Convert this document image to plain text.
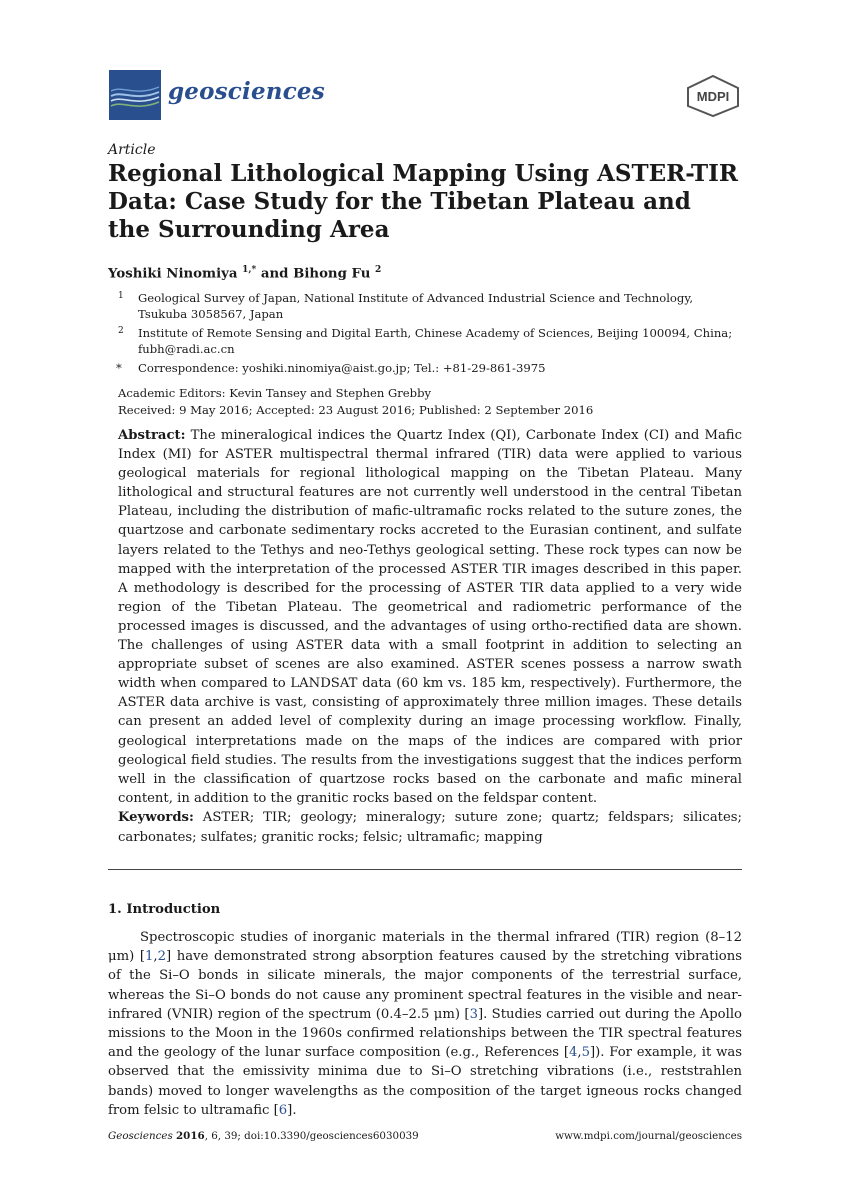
geosciences	MDPI
Article
Regional Lithological Mapping Using ASTER-TIR
Data: Case Study for the Tibetan Plateau and
the Surrounding Area
Yoshiki Ninomiya $^{1,*}$ and Bihong Fu $^2$
1 Geological Survey of Japan, National Institute of Advanced Industrial Science and Technology,
Tsukuba 3058567, Japan
2 Institute of Remote Sensing and Digital Earth, Chinese Academy of Sciences, Beijing 100094, China;
fubh@radi.ac.cn
* Correspondence: yoshiki.ninomiya@aist.go.jp; Tel.: +81-29-861-3975
Academic Editors: Kevin Tansey and Stephen Grebby
Received: 9 May 2016; Accepted: 23 August 2016; Published: 2 September 2016
Abstract: The mineralogical indices the Quartz Index (QI), Carbonate Index (CI) and Mafic Index (MI) for ASTER multispectral thermal infrared (TIR) data were applied to various geological materials for regional lithological mapping on the Tibetan Plateau. Many lithological and structural features are not currently well understood in the central Tibetan Plateau, including the distribution of mafic-ultramafic rocks related to the suture zones, the quartzose and carbonate sedimentary rocks accreted to the Eurasian continent, and sulfate layers related to the Tethys and neo-Tethys geological setting. These rock types can now be mapped with the interpretation of the processed ASTER TIR images described in this paper. A methodology is described for the processing of ASTER TIR data applied to a very wide region of the Tibetan Plateau. The geometrical and radiometric performance of the processed images is discussed, and the advantages of using ortho-rectified data are shown. The challenges of using ASTER data with a small footprint in addition to selecting an appropriate subset of scenes are also examined. ASTER scenes possess a narrow swath width when compared to LANDSAT data (60 km vs. 185 km, respectively). Furthermore, the ASTER data archive is vast, consisting of approximately three million images. These details can present an added level of complexity during an image processing workflow. Finally, geological interpretations made on the maps of the indices are compared with prior geological field studies. The results from the investigations suggest that the indices perform well in the classification of quartzose rocks based on the carbonate and mafic mineral content, in addition to the granitic rocks based on the feldspar content.
Keywords: ASTER; TIR; geology; mineralogy; suture zone; quartz; feldspars; silicates; carbonates; sulfates; granitic rocks; felsic; ultramafic; mapping
1. Introduction
Spectroscopic studies of inorganic materials in the thermal infrared (TIR) region (8–12 μm) [1,2] have demonstrated strong absorption features caused by the stretching vibrations of the Si–O bonds in silicate minerals, the major components of the terrestrial surface, whereas the Si–O bonds do not cause any prominent spectral features in the visible and near-infrared (VNIR) region of the spectrum (0.4–2.5 μm) [3]. Studies carried out during the Apollo missions to the Moon in the 1960s confirmed relationships between the TIR spectral features and the geology of the lunar surface composition (e.g., References [4,5]). For example, it was observed that the emissivity minima due to Si–O stretching vibrations (i.e., reststrahlen bands) moved to longer wavelengths as the composition of the target igneous rocks changed from felsic to ultramafic [6].
Geosciences 2016, 6, 39; doi:10.3390/geosciences6030039	www.mdpi.com/journal/geosciences
